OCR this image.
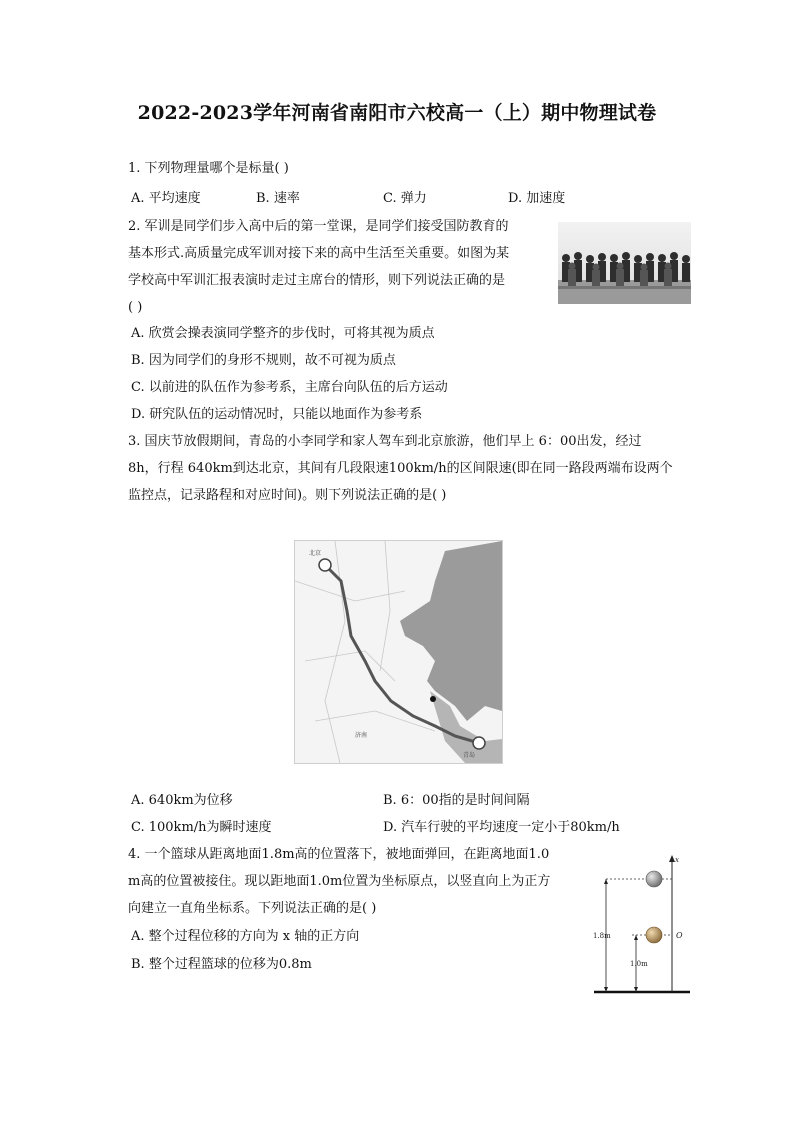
2022-2023学年河南省南阳市六校高一（上）期中物理试卷
1. 下列物理量哪个是标量( )
A. 平均速度	B. 速率	C. 弹力	D. 加速度
2. 军训是同学们步入高中后的第一堂课，是同学们接受国防教育的
基本形式.高质量完成军训对接下来的高中生活至关重要。如图为某
学校高中军训汇报表演时走过主席台的情形，则下列说法正确的是
( )
A. 欣赏会操表演同学整齐的步伐时，可将其视为质点
B. 因为同学们的身形不规则，故不可视为质点
C. 以前进的队伍作为参考系，主席台向队伍的后方运动
D. 研究队伍的运动情况时，只能以地面作为参考系
3. 国庆节放假期间，青岛的小李同学和家人驾车到北京旅游，他们早上 6：00出发，经过
8h，行程 640km到达北京，其间有几段限速100km/h的区间限速(即在同一路段两端布设两个
监控点，记录路程和对应时间)。则下列说法正确的是( )
北京
青岛
济南
A. 640km为位移	B. 6：00指的是时间间隔
C. 100km/h为瞬时速度	D. 汽车行驶的平均速度一定小于80km/h
4. 一个篮球从距离地面1.8m高的位置落下，被地面弹回，在距离地面1.0
m高的位置被接住。现以距地面1.0m位置为坐标原点，以竖直向上为正方
向建立一直角坐标系。下列说法正确的是( )
A. 整个过程位移的方向为 x 轴的正方向
B. 整个过程篮球的位移为0.8m
x
1.8m
1.0m
O
